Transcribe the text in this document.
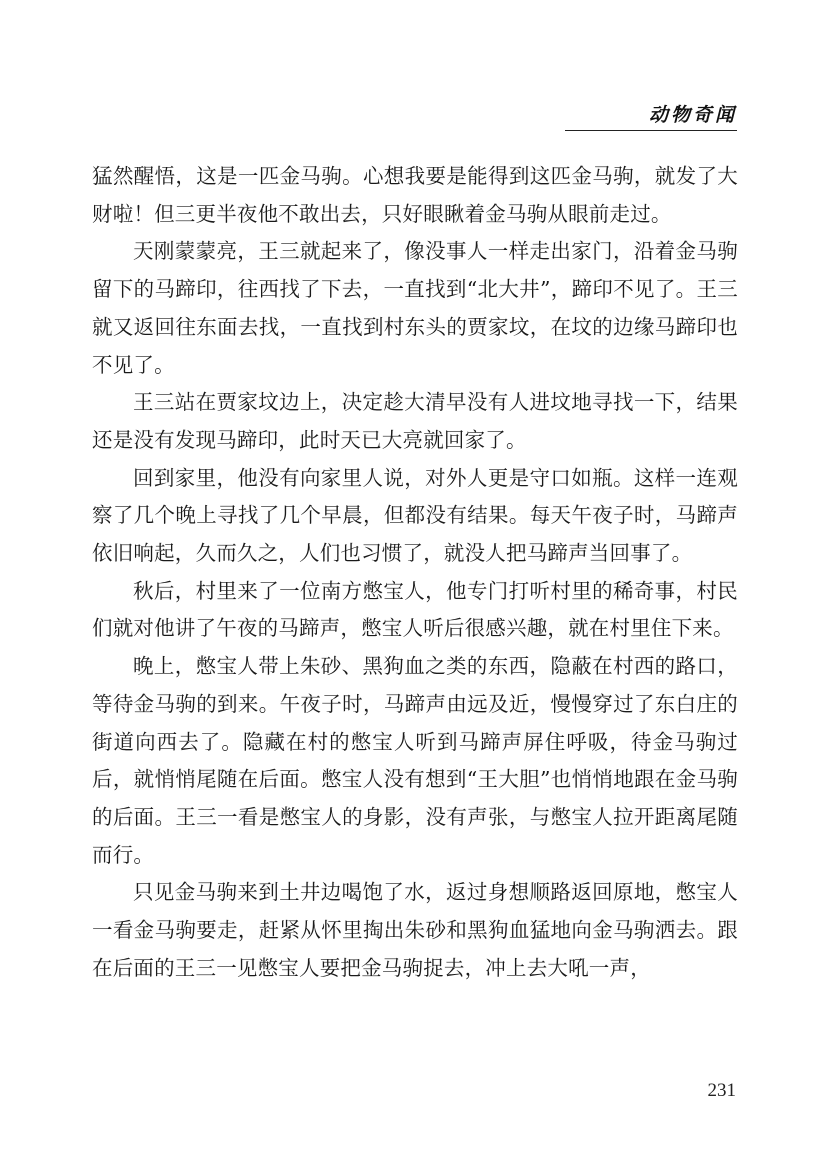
动物奇闻

猛然醒悟，这是一匹金马驹。心想我要是能得到这匹金马驹，就发了大财啦！但三更半夜他不敢出去，只好眼瞅着金马驹从眼前走过。

天刚蒙蒙亮，王三就起来了，像没事人一样走出家门，沿着金马驹留下的马蹄印，往西找了下去，一直找到“北大井”，蹄印不见了。王三就又返回往东面去找，一直找到村东头的贾家坟，在坟的边缘马蹄印也不见了。

王三站在贾家坟边上，决定趁大清早没有人进坟地寻找一下，结果还是没有发现马蹄印，此时天已大亮就回家了。

回到家里，他没有向家里人说，对外人更是守口如瓶。这样一连观察了几个晚上寻找了几个早晨，但都没有结果。每天午夜子时，马蹄声依旧响起，久而久之，人们也习惯了，就没人把马蹄声当回事了。

秋后，村里来了一位南方憋宝人，他专门打听村里的稀奇事，村民们就对他讲了午夜的马蹄声，憋宝人听后很感兴趣，就在村里住下来。

晚上，憋宝人带上朱砂、黑狗血之类的东西，隐蔽在村西的路口，等待金马驹的到来。午夜子时，马蹄声由远及近，慢慢穿过了东白庄的街道向西去了。隐藏在村的憋宝人听到马蹄声屏住呼吸，待金马驹过后，就悄悄尾随在后面。憋宝人没有想到“王大胆”也悄悄地跟在金马驹的后面。王三一看是憋宝人的身影，没有声张，与憋宝人拉开距离尾随而行。

只见金马驹来到土井边喝饱了水，返过身想顺路返回原地，憋宝人一看金马驹要走，赶紧从怀里掏出朱砂和黑狗血猛地向金马驹洒去。跟在后面的王三一见憋宝人要把金马驹捉去，冲上去大吼一声，

231
